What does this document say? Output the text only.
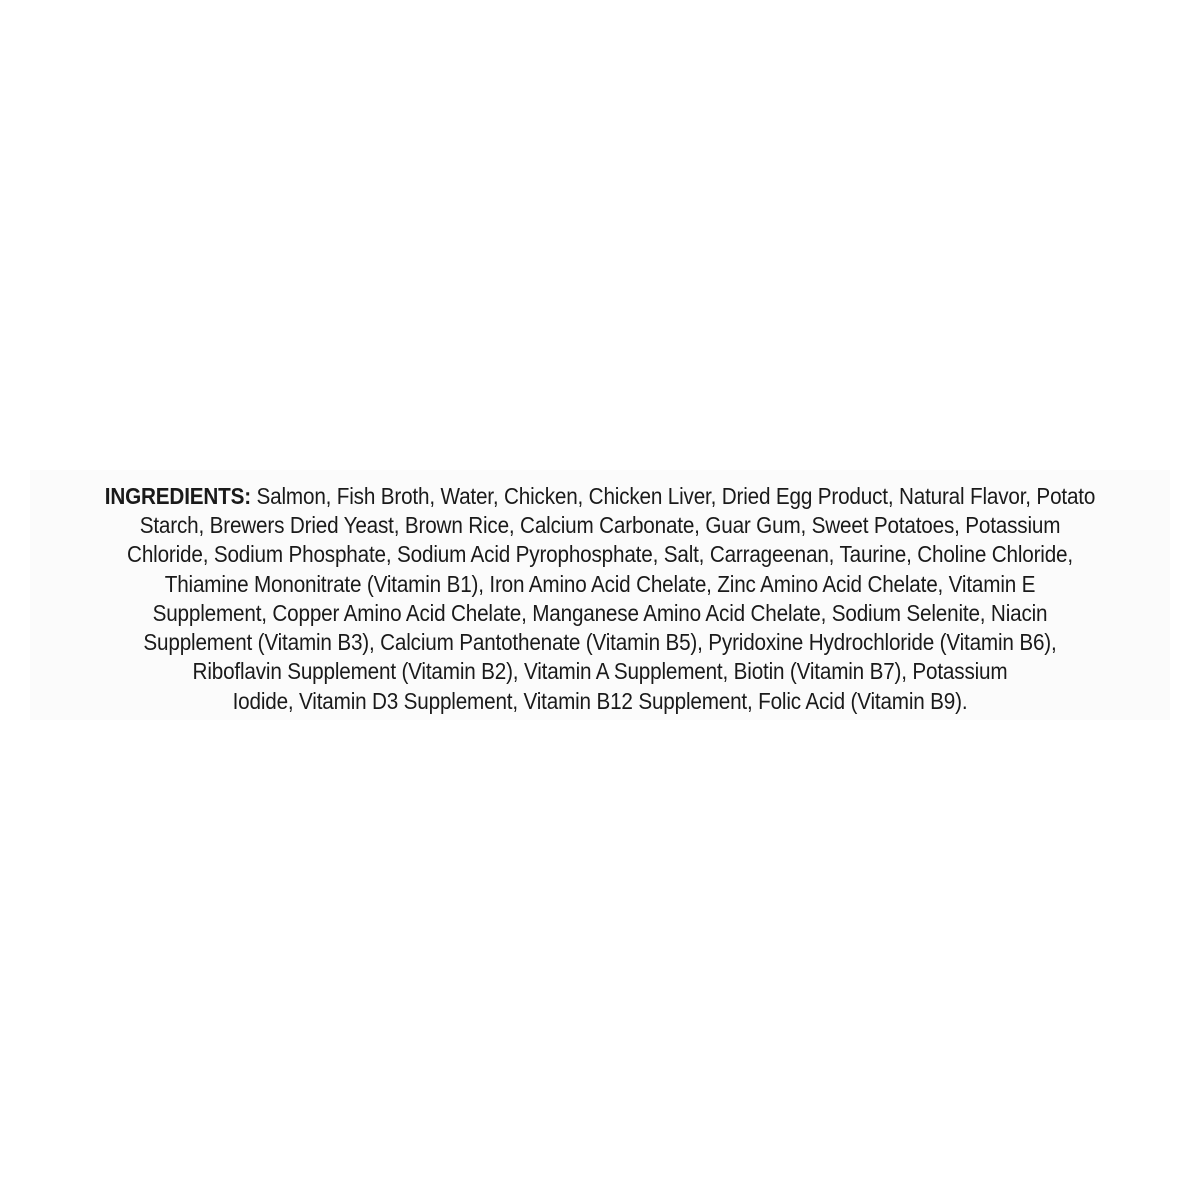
INGREDIENTS: Salmon, Fish Broth, Water, Chicken, Chicken Liver, Dried Egg Product, Natural Flavor, Potato
Starch, Brewers Dried Yeast, Brown Rice, Calcium Carbonate, Guar Gum, Sweet Potatoes, Potassium
Chloride, Sodium Phosphate, Sodium Acid Pyrophosphate, Salt, Carrageenan, Taurine, Choline Chloride,
Thiamine Mononitrate (Vitamin B1), Iron Amino Acid Chelate, Zinc Amino Acid Chelate, Vitamin E
Supplement, Copper Amino Acid Chelate, Manganese Amino Acid Chelate, Sodium Selenite, Niacin
Supplement (Vitamin B3), Calcium Pantothenate (Vitamin B5), Pyridoxine Hydrochloride (Vitamin B6),
Riboflavin Supplement (Vitamin B2), Vitamin A Supplement, Biotin (Vitamin B7), Potassium
Iodide, Vitamin D3 Supplement, Vitamin B12 Supplement, Folic Acid (Vitamin B9).
